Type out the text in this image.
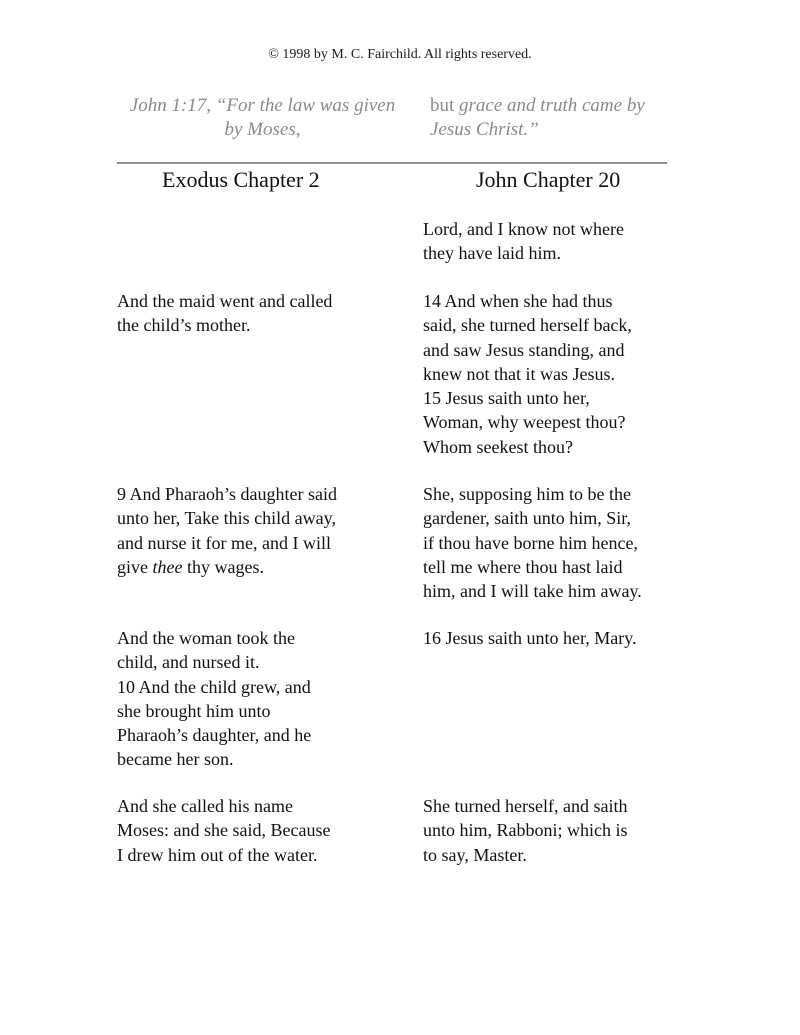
© 1998 by M. C. Fairchild. All rights reserved.
John 1:17, “For the law was given
by Moses,
but grace and truth came by
Jesus Christ.”
Exodus Chapter 2	John Chapter 20
Lord, and I know not where
they have laid him.
And the maid went and called
the child’s mother.
14 And when she had thus
said, she turned herself back,
and saw Jesus standing, and
knew not that it was Jesus.
15 Jesus saith unto her,
Woman, why weepest thou?
Whom seekest thou?
9 And Pharaoh’s daughter said
unto her, Take this child away,
and nurse it for me, and I will
give thee thy wages.
She, supposing him to be the
gardener, saith unto him, Sir,
if thou have borne him hence,
tell me where thou hast laid
him, and I will take him away.
And the woman took the
child, and nursed it.
10 And the child grew, and
she brought him unto
Pharaoh’s daughter, and he
became her son.
16 Jesus saith unto her, Mary.
And she called his name
Moses: and she said, Because
I drew him out of the water.
She turned herself, and saith
unto him, Rabboni; which is
to say, Master.
